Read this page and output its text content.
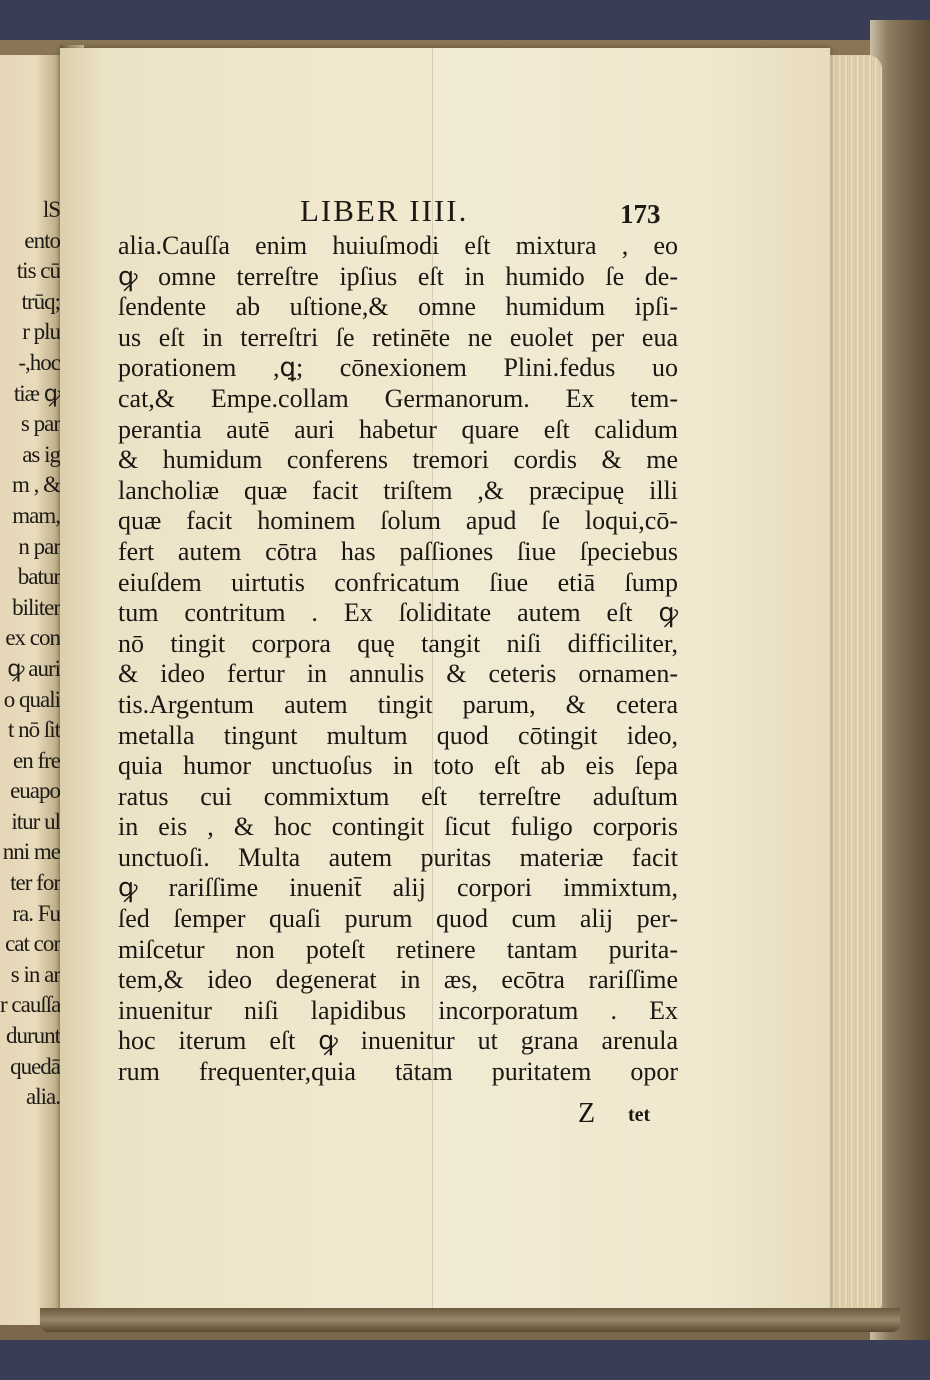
lS
ento
tis cū
trūq;
r plu
-,hoc
tiæ ꝙ
s par
as ig
m , &
mam,
n par
batur
biliter
ex con
ꝙ auri
o quali
t nō ſit
en fre
euapo
itur ul
nni me
ter for
ra. Fu
cat cor
s in ar
r cauſſa
durunt
quedā
alia.
LIBER IIII.	173
alia.Cauſſa enim huiuſmodi eſt mixtura , eo
ꝙ omne terreſtre ipſius eſt in humido ſe de-
ſendente ab uſtione,& omne humidum ipſi-
us eſt in terreſtri ſe retinēte ne euolet per eua
porationem ,ꝗ; cōnexionem Plini.fedus uo
cat,& Empe.collam Germanorum. Ex tem-
perantia autē auri habetur quare eſt calidum
& humidum conferens tremori cordis & me
lancholiæ quæ facit triſtem ,& præcipuę illi
quæ facit hominem ſolum apud ſe loqui,cō-
fert autem cōtra has paſſiones ſiue ſpeciebus
eiuſdem uirtutis confricatum ſiue etiā ſump
tum contritum . Ex ſoliditate autem eſt ꝙ
nō tingit corpora quę tangit niſi difficiliter,
& ideo fertur in annulis & ceteris ornamen-
tis.Argentum autem tingit parum, & cetera
metalla tingunt multum quod cōtingit ideo,
quia humor unctuoſus in toto eſt ab eis ſepa
ratus cui commixtum eſt terreſtre aduſtum
in eis , & hoc contingit ſicut fuligo corporis
unctuoſi. Multa autem puritas materiæ facit
ꝙ rariſſime inuenit̄ alij corpori immixtum,
ſed ſemper quaſi purum quod cum alij per-
miſcetur non poteſt retinere tantam purita-
tem,& ideo degenerat in æs, ecōtra rariſſime
inuenitur niſi lapidibus incorporatum . Ex
hoc iterum eſt ꝙ inuenitur ut grana arenula
rum frequenter,quia tātam puritatem opor
Z tet
